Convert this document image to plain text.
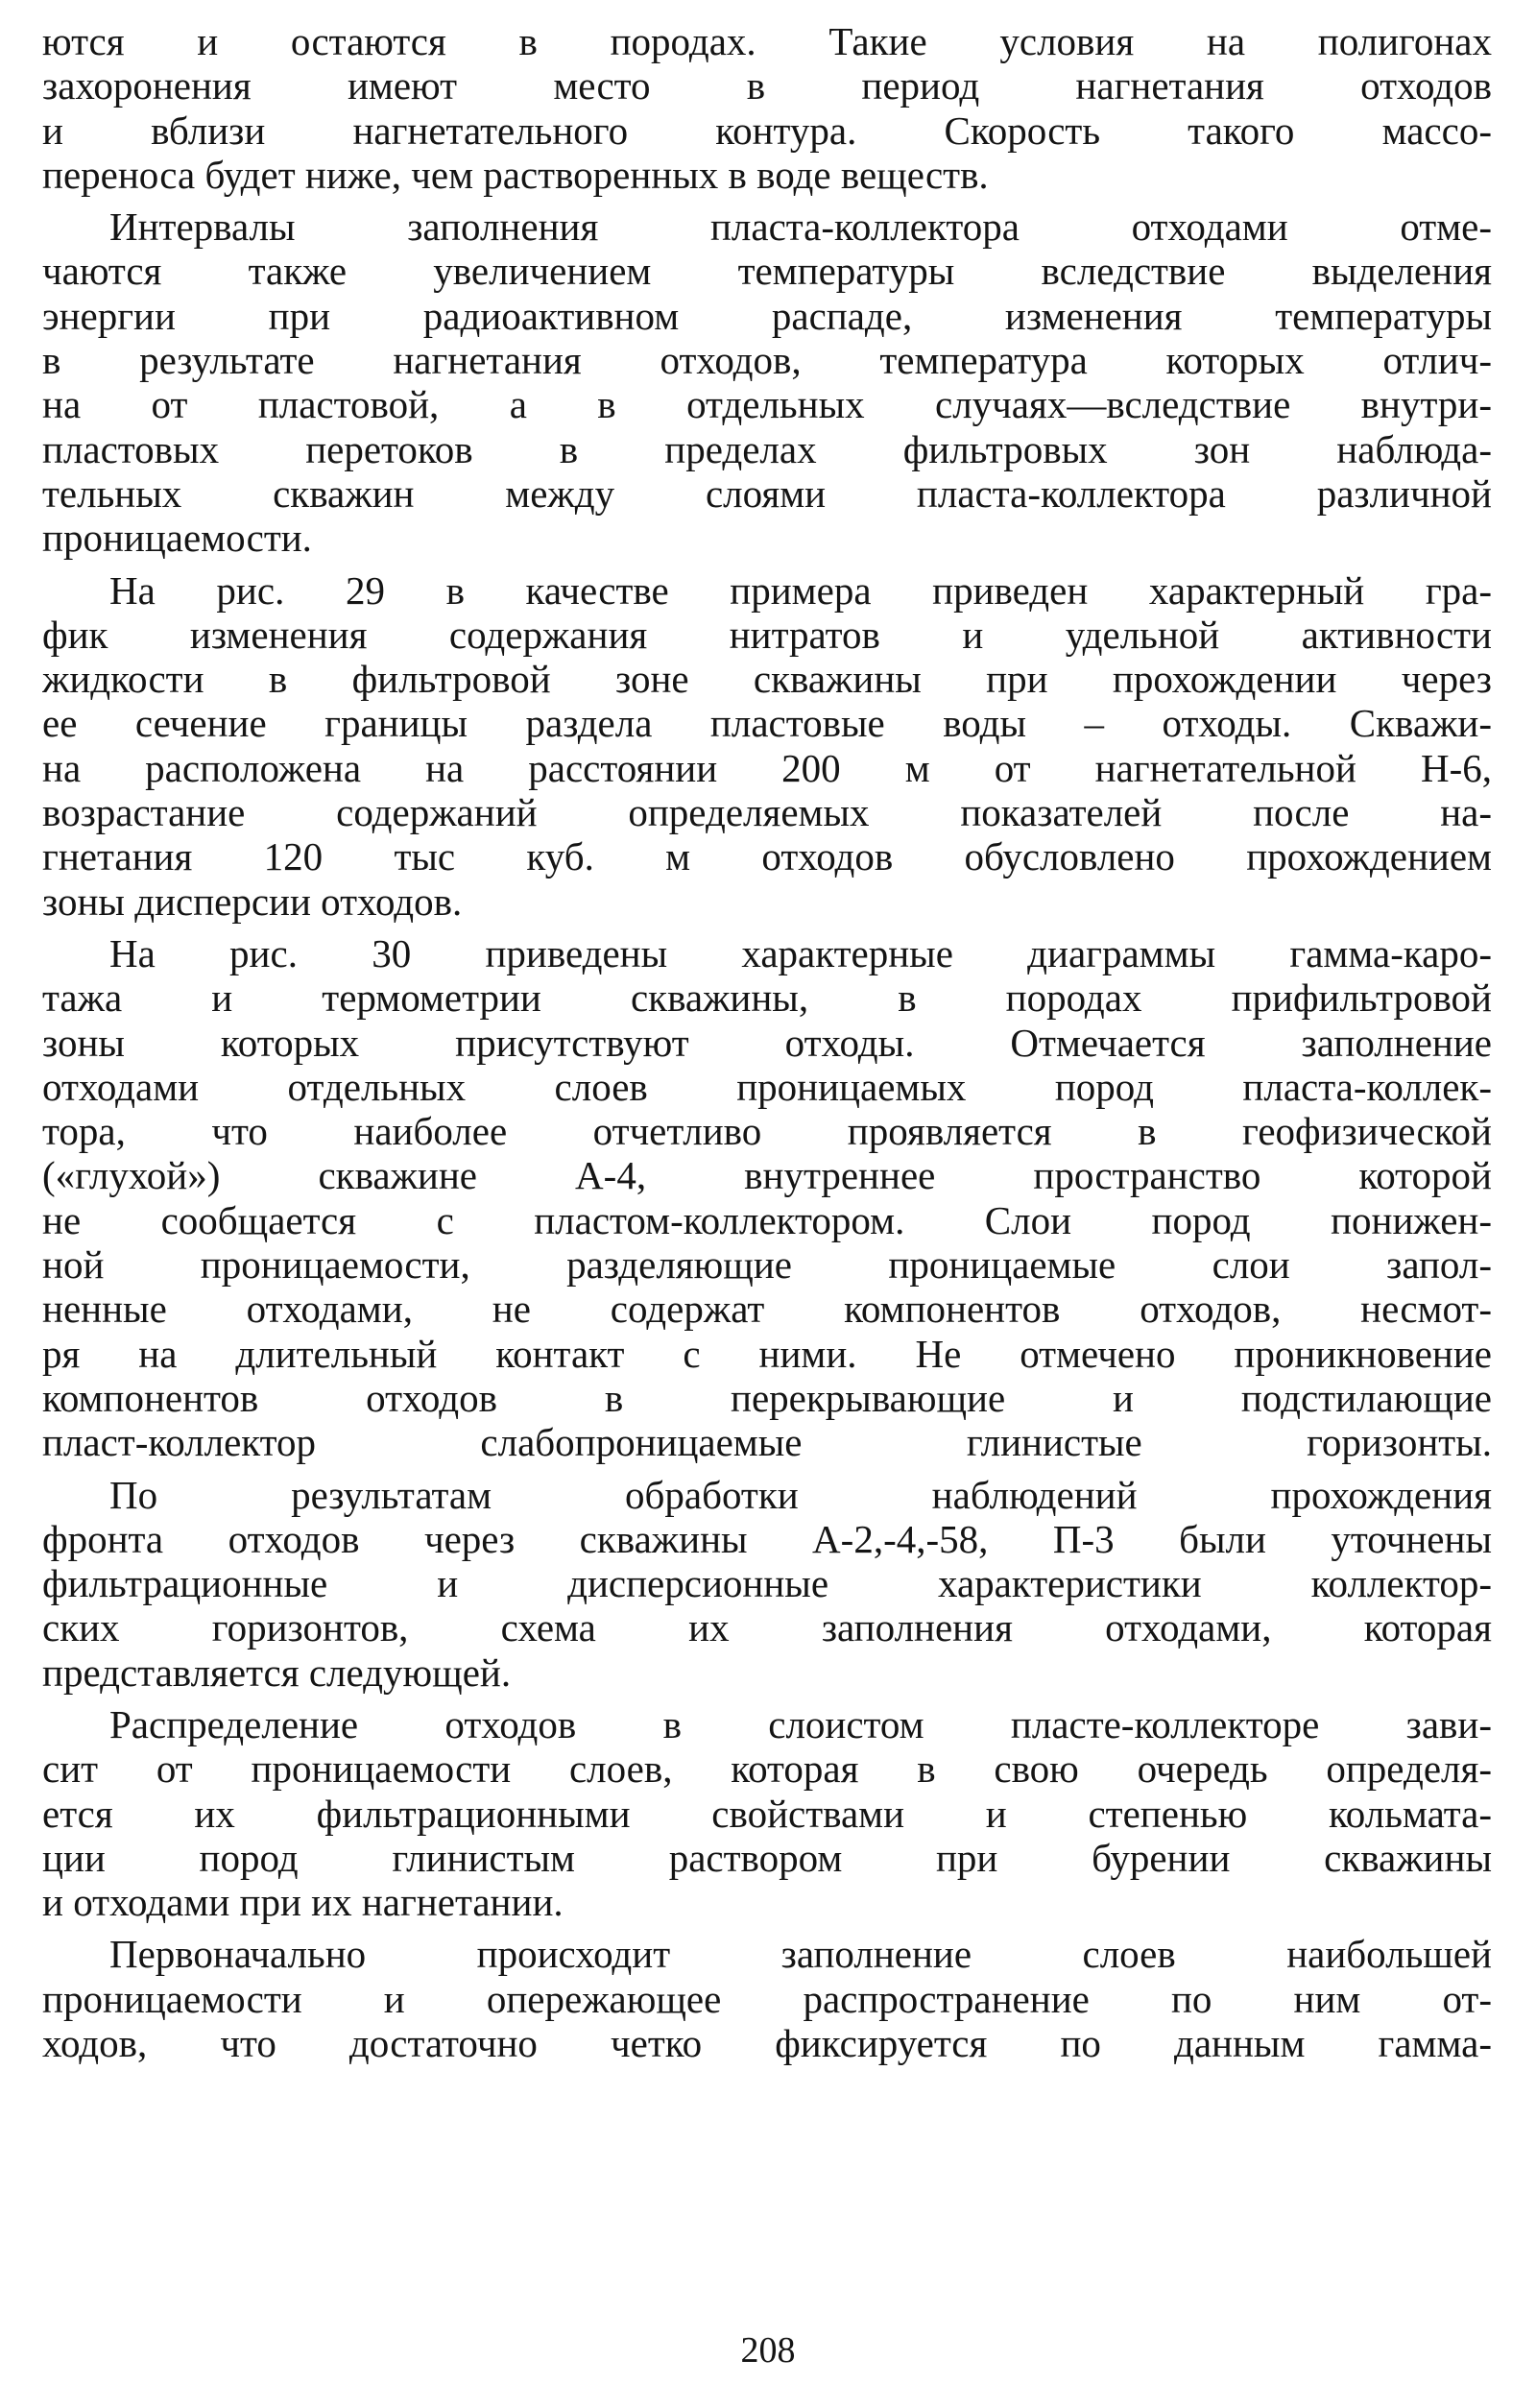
ются и остаются в породах. Такие условия на полигонах
захоронения имеют место в период нагнетания отходов
и вблизи нагнетательного контура. Скорость такого массо-
переноса будет ниже, чем растворенных в воде веществ.
Интервалы заполнения пласта-коллектора отходами отме-
чаются также увеличением температуры вследствие выделения
энергии при радиоактивном распаде, изменения температуры
в результате нагнетания отходов, температура которых отлич-
на от пластовой, а в отдельных случаях—вследствие внутри-
пластовых перетоков в пределах фильтровых зон наблюда-
тельных скважин между слоями пласта-коллектора различной
проницаемости.
На рис. 29 в качестве примера приведен характерный гра-
фик изменения содержания нитратов и удельной активности
жидкости в фильтровой зоне скважины при прохождении через
ее сечение границы раздела пластовые воды – отходы. Скважи-
на расположена на расстоянии 200 м от нагнетательной Н-6,
возрастание содержаний определяемых показателей после на-
гнетания 120 тыс куб. м отходов обусловлено прохождением
зоны дисперсии отходов.
На рис. 30 приведены характерные диаграммы гамма-каро-
тажа и термометрии скважины, в породах прифильтровой
зоны которых присутствуют отходы. Отмечается заполнение
отходами отдельных слоев проницаемых пород пласта-коллек-
тора, что наиболее отчетливо проявляется в геофизической
(«глухой») скважине А-4, внутреннее пространство которой
не сообщается с пластом-коллектором. Слои пород понижен-
ной проницаемости, разделяющие проницаемые слои запол-
ненные отходами, не содержат компонентов отходов, несмот-
ря на длительный контакт с ними. Не отмечено проникновение
компонентов отходов в перекрывающие и подстилающие
пласт-коллектор слабопроницаемые глинистые горизонты.
По результатам обработки наблюдений прохождения
фронта отходов через скважины А-2,-4,-58, П-3 были уточнены
фильтрационные и дисперсионные характеристики коллектор-
ских горизонтов, схема их заполнения отходами, которая
представляется следующей.
Распределение отходов в слоистом пласте-коллекторе зави-
сит от проницаемости слоев, которая в свою очередь определя-
ется их фильтрационными свойствами и степенью кольмата-
ции пород глинистым раствором при бурении скважины
и отходами при их нагнетании.
Первоначально происходит заполнение слоев наибольшей
проницаемости и опережающее распространение по ним от-
ходов, что достаточно четко фиксируется по данным гамма-
208
